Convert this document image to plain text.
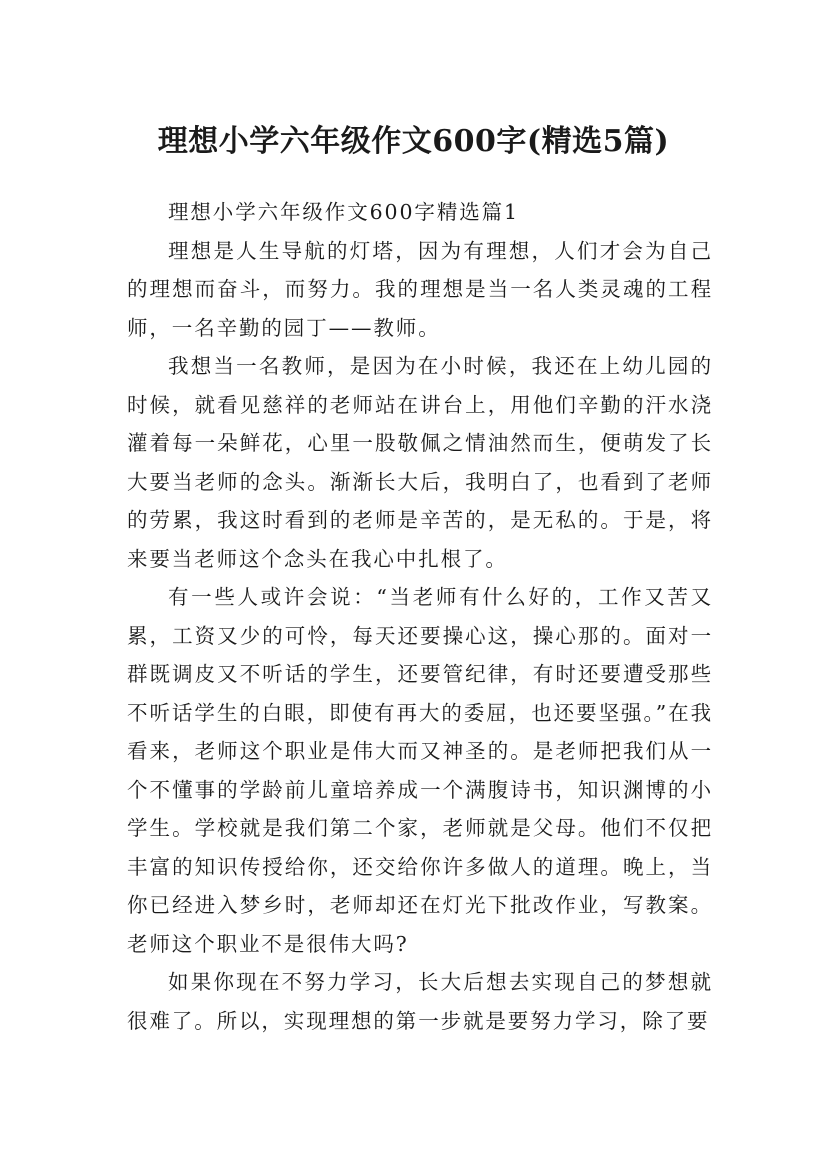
理想小学六年级作文600字(精选5篇)

理想小学六年级作文600字精选篇1

理想是人生导航的灯塔，因为有理想，人们才会为自己的理想而奋斗，而努力。我的理想是当一名人类灵魂的工程师，一名辛勤的园丁——教师。

我想当一名教师，是因为在小时候，我还在上幼儿园的时候，就看见慈祥的老师站在讲台上，用他们辛勤的汗水浇灌着每一朵鲜花，心里一股敬佩之情油然而生，便萌发了长大要当老师的念头。渐渐长大后，我明白了，也看到了老师的劳累，我这时看到的老师是辛苦的，是无私的。于是，将来要当老师这个念头在我心中扎根了。

有一些人或许会说：“当老师有什么好的，工作又苦又累，工资又少的可怜，每天还要操心这，操心那的。面对一群既调皮又不听话的学生，还要管纪律，有时还要遭受那些不听话学生的白眼，即使有再大的委屈，也还要坚强。”在我看来，老师这个职业是伟大而又神圣的。是老师把我们从一个不懂事的学龄前儿童培养成一个满腹诗书，知识渊博的小学生。学校就是我们第二个家，老师就是父母。他们不仅把丰富的知识传授给你，还交给你许多做人的道理。晚上，当你已经进入梦乡时，老师却还在灯光下批改作业，写教案。老师这个职业不是很伟大吗?

如果你现在不努力学习，长大后想去实现自己的梦想就很难了。所以，实现理想的第一步就是要努力学习，除了要
